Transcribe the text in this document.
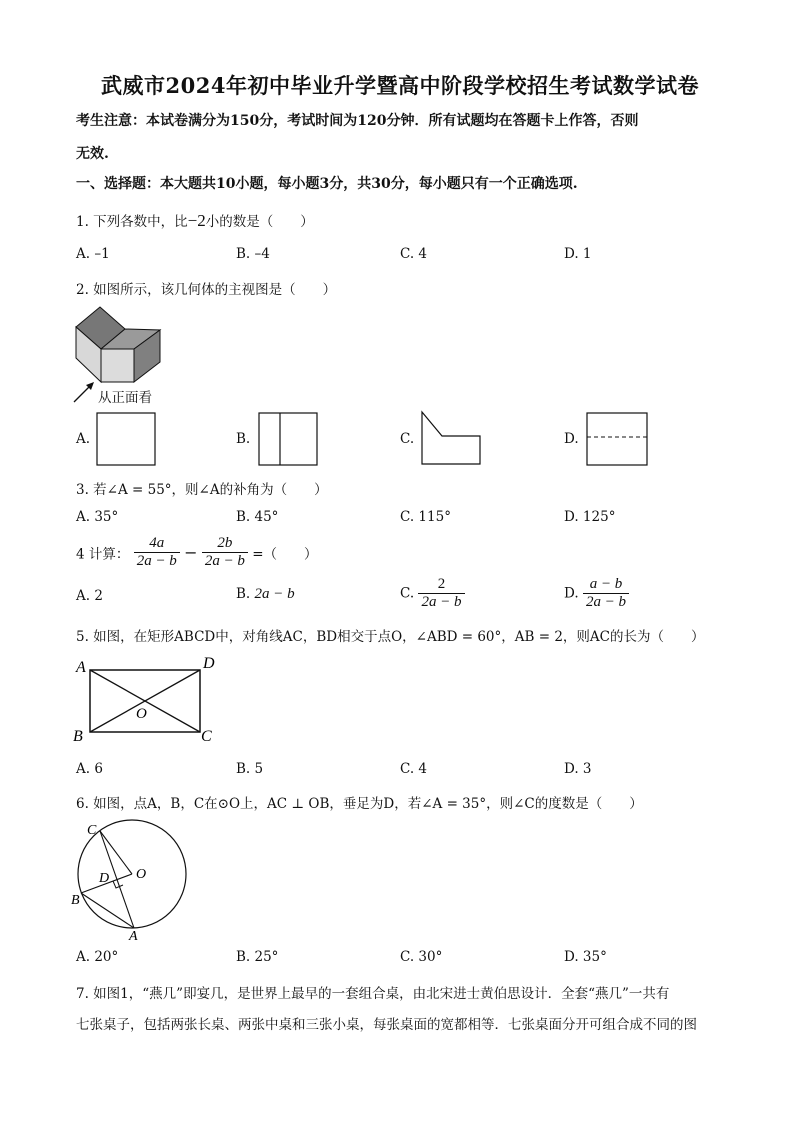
武威市2024年初中毕业升学暨高中阶段学校招生考试数学试卷
考生注意：本试卷满分为150分，考试时间为120分钟．所有试题均在答题卡上作答，否则
无效.
一、选择题：本大题共10小题，每小题3分，共30分，每小题只有一个正确选项.
1. 下列各数中，比−2小的数是（　　）
A. –1	B. –4	C. 4	D. 1
2. 如图所示，该几何体的主视图是（　　）
从正面看
A.	B.	C.	D.
3. 若∠A = 55°，则∠A的补角为（　　）
A. 35°	B. 45°	C. 115°	D. 125°
4 计算： $\frac{4a}{2a - b} - \frac{2b}{2a - b}$ =（　　）
A. 2	B. 2a − b	C. $\frac{2}{2a - b}$	D. $\frac{a - b}{2a - b}$
5. 如图，在矩形ABCD中，对角线AC，BD相交于点O，∠ABD = 60°，AB = 2，则AC的长为（　　）
A	D
B	C
O
A. 6	B. 5	C. 4	D. 3
6. 如图，点A，B，C在⊙O上，AC ⊥ OB，垂足为D，若∠A = 35°，则∠C的度数是（　　）
C
O
D
B
A
A. 20°	B. 25°	C. 30°	D. 35°
7. 如图1，“燕几”即宴几，是世界上最早的一套组合桌，由北宋进士黄伯思设计．全套“燕几”一共有
七张桌子，包括两张长桌、两张中桌和三张小桌，每张桌面的宽都相等．七张桌面分开可组合成不同的图
